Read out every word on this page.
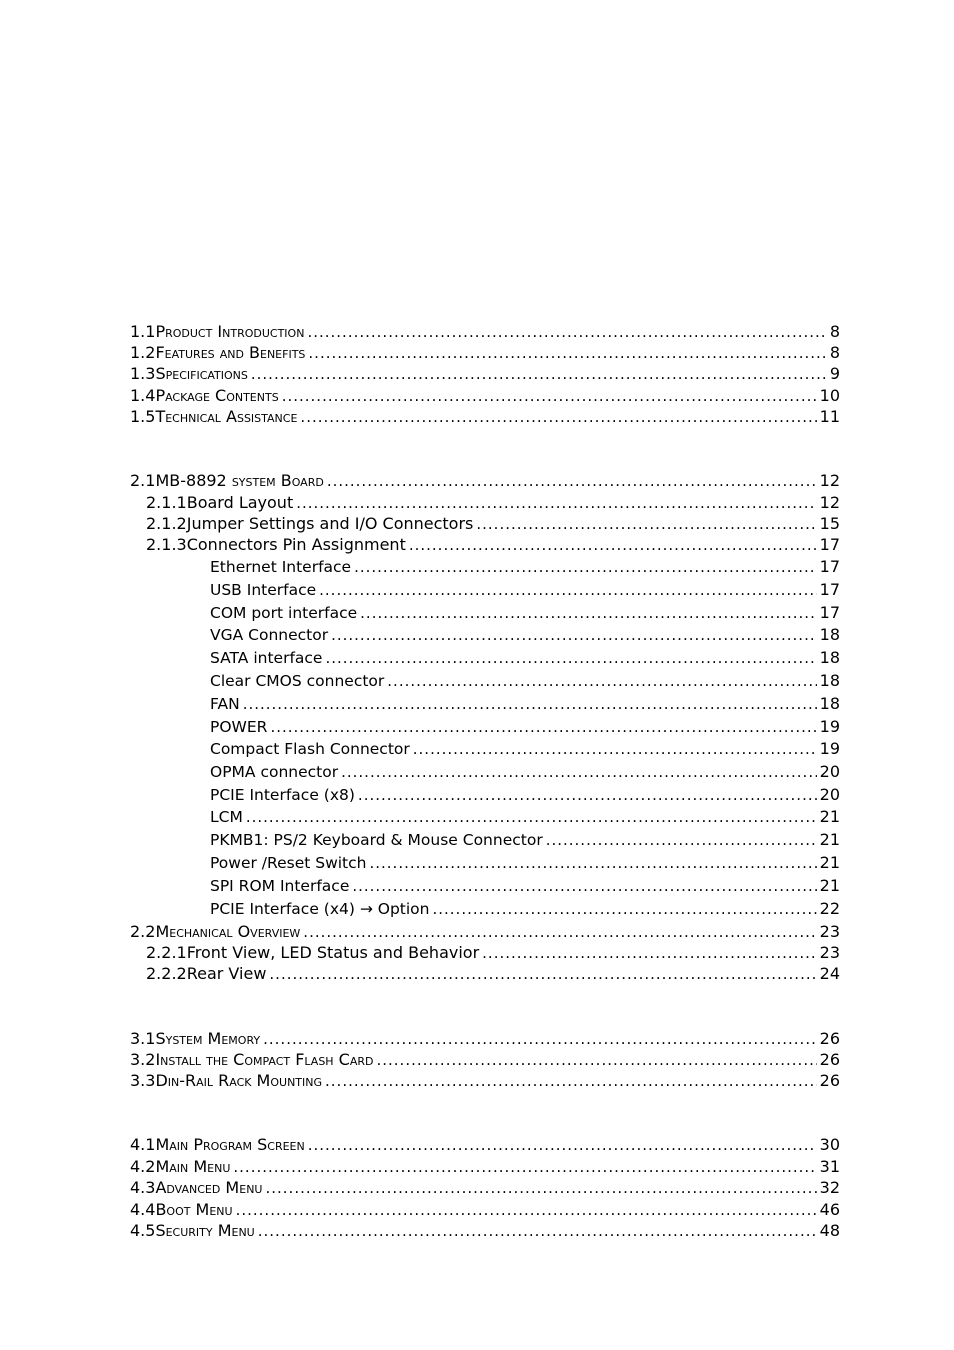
1.1 Product Introduction .....	8
1.2 Features and Benefits .....	8
1.3 Specifications .....	9
1.4 Package Contents .....	10
1.5 Technical Assistance .....	11
2.1 MB-8892 system Board .....	12
2.1.1 Board Layout .....	12
2.1.2 Jumper Settings and I/O Connectors .....	15
2.1.3 Connectors Pin Assignment .....	17
Ethernet Interface .....	17
USB Interface .....	17
COM port interface .....	17
VGA Connector .....	18
SATA interface .....	18
Clear CMOS connector .....	18
FAN .....	18
POWER .....	19
Compact Flash Connector .....	19
OPMA connector .....	20
PCIE Interface (x8) .....	20
LCM .....	21
PKMB1: PS/2 Keyboard & Mouse Connector .....	21
Power /Reset Switch .....	21
SPI ROM Interface .....	21
PCIE Interface (x4) → Option .....	22
2.2 Mechanical Overview .....	23
2.2.1 Front View, LED Status and Behavior .....	23
2.2.2 Rear View .....	24
3.1 System Memory .....	26
3.2 Install the Compact Flash Card .....	26
3.3 Din-Rail Rack Mounting .....	26
4.1 Main Program Screen .....	30
4.2 Main Menu .....	31
4.3 Advanced Menu .....	32
4.4 Boot Menu .....	46
4.5 Security Menu .....	48
